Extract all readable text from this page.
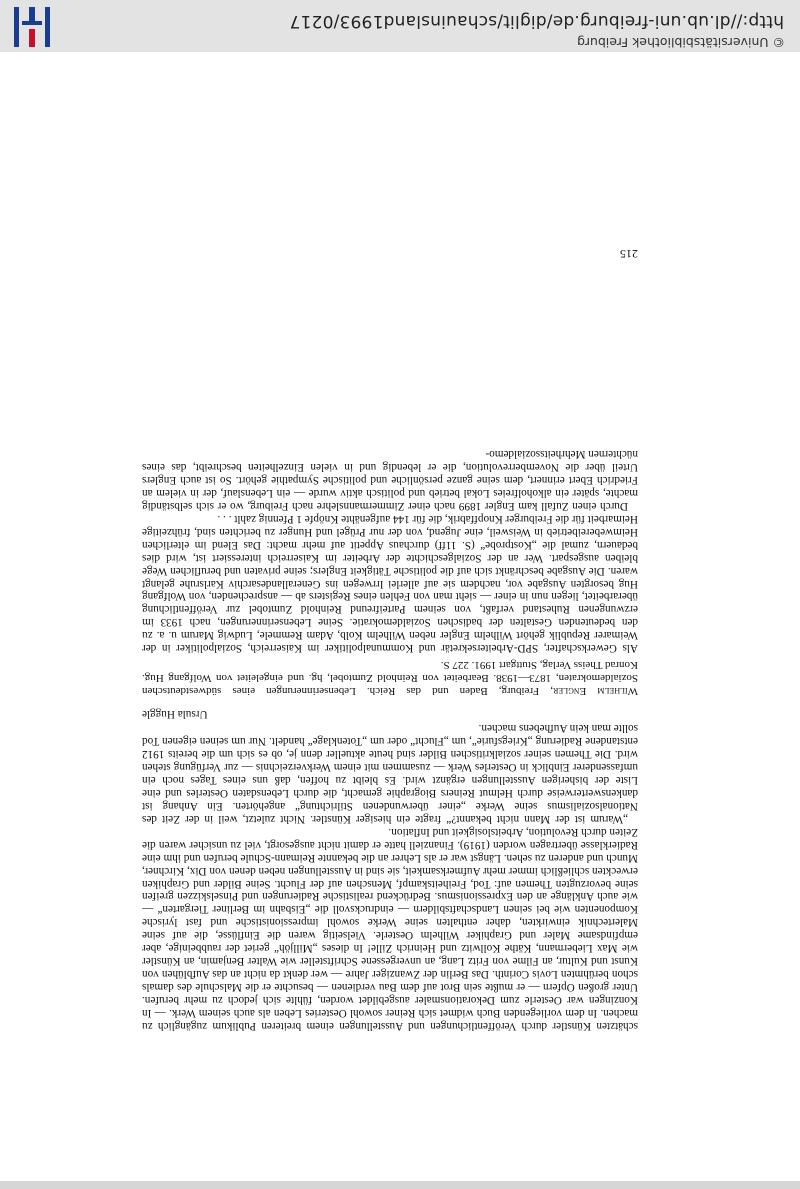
schätzten Künstler durch Veröffentlichungen und Ausstellungen einem breiteren Publikum zugänglich zu machen. In dem vorliegenden Buch widmet sich Reiner sowohl Oesteries Leben als auch seinem Werk. — In Konzingen war Oesterle zum Dekorationsmaler ausgebildet worden, fühlte sich jedoch zu mehr berufen. Unter großen Opfern — er mußte sein Brot auf dem Bau verdienen — besuchte er die Malschule des damals schon berühmten Lovis Corinth. Das Berlin der Zwanziger Jahre — wer denkt da nicht an das Aufblühen von Kunst und Kultur, an Filme von Fritz Lang, an unvergessene Schriftsteller wie Walter Benjamin, an Künstler wie Max Liebermann, Käthe Kollwitz und Heinrich Zille! In dieses „Milljöh“ geriet der raubbeinige, aber empfindsame Maler und Graphiker Wilhelm Oesterle. Vielseitig waren die Einflüsse, die auf seine Malertechnik einwirkten, daher enthalten seine Werke sowohl impressionistische und fast lyrische Komponenten wie bei seinen Landschaftsbildern — eindrucksvoll die „Eisbahn im Berliner Tiergarten“ — wie auch Anklänge an den Expressionismus. Bedrückend realistische Radierungen und Pinselskizzen greifen seine bevorzugten Themen auf: Tod, Freiheitskampf, Menschen auf der Flucht. Seine Bilder und Graphiken erweckten schließlich immer mehr Aufmerksamkeit, sie sind in Ausstellungen neben denen von Dix, Kirchner, Munch und anderen zu sehen. Längst war er als Lehrer an die bekannte Reimann-Schule berufen und ihm eine Radierklasse übertragen worden (1919). Finanziell hatte er damit nicht ausgesorgt, viel zu unsicher waren die Zeiten durch Revolution, Arbeitslosigkeit und Inflation.

„Warum ist der Mann nicht bekannt?“ fragte ein hiesiger Künstler. Nicht zuletzt, weil in der Zeit des Nationalsozialismus seine Werke „einer überwundenen Stilrichtung“ angehörten. Ein Anhang ist dankenswerterweise durch Helmut Reiners Biographie gemacht, die durch Lebensdaten Oesterles und eine Liste der bisherigen Ausstellungen ergänzt wird. Es bleibt zu hoffen, daß uns eines Tages noch ein umfassenderer Einblick in Oesterles Werk — zusammen mit einem Werkverzeichnis — zur Verfügung stehen wird. Die Themen seiner sozialkritischen Bilder sind heute aktueller denn je, ob es sich um die bereits 1912 entstandene Radierung „Kriegsfurie“, um „Flucht“ oder um „Totenklage“ handelt. Nur um seinen eigenen Tod sollte man kein Aufhebens machen.

Ursula Huggle

Wilhelm Engler, Freiburg, Baden und das Reich. Lebenserinnerungen eines südwestdeutschen Sozialdemokraten, 1873—1938. Bearbeitet von Reinhold Zumtobel, hg. und eingeleitet von Wolfgang Hug. Konrad Theiss Verlag, Stuttgart 1991. 227 S.

Als Gewerkschafter, SPD-Arbeitersekretär und Kommunalpolitiker im Kaiserreich, Sozialpolitiker in der Weimarer Republik gehört Wilhelm Engler neben Wilhelm Kolb, Adam Remmele, Ludwig Marum u. a. zu den bedeutenden Gestalten der badischen Sozialdemokratie. Seine Lebenserinnerungen, nach 1933 im erzwungenen Ruhestand verfaßt, von seinem Parteifreund Reinhold Zumtobel zur Veröffentlichung überarbeitet, liegen nun in einer — sieht man von Fehlen eines Registers ab — ansprechenden, von Wolfgang Hug besorgten Ausgabe vor, nachdem sie auf allerlei Irrwegen ins Generallandesarchiv Karlsruhe gelangt waren. Die Ausgabe beschränkt sich auf die politische Tätigkeit Englers; seine privaten und beruflichen Wege bleiben ausgespart. Wer an der Sozialgeschichte der Arbeiter im Kaiserreich interessiert ist, wird dies bedauern, zumal die „Kostprobe“ (S. 11ff) durchaus Appetit auf mehr macht: Das Elend im elterlichen Heimwebereibetrieb in Weisweil, eine Jugend, von der nur Prügel und Hunger zu berichten sind, frühzeitige Heimarbeit für die Freiburger Knopffabrik, die für 144 aufgenähte Knöpfe 1 Pfennig zahlt . . .

Durch einen Zufall kam Engler 1899 nach einer Zimmermannslehre nach Freiburg, wo er sich selbständig machte, später ein alkoholfreies Lokal betrieb und politisch aktiv wurde — ein Lebenslauf, der in vielem an Friedrich Ebert erinnert, dem seine ganze persönliche und politische Sympathie gehört. So ist auch Englers Urteil über die Novemberrevolution, die er lebendig und in vielen Einzelheiten beschreibt, das eines nüchternen Mehrheitssozialdemo-

215
© Universitätsbibliothek Freiburg
http://dl.ub.uni-freiburg.de/diglit/schauinsland1993/0217
